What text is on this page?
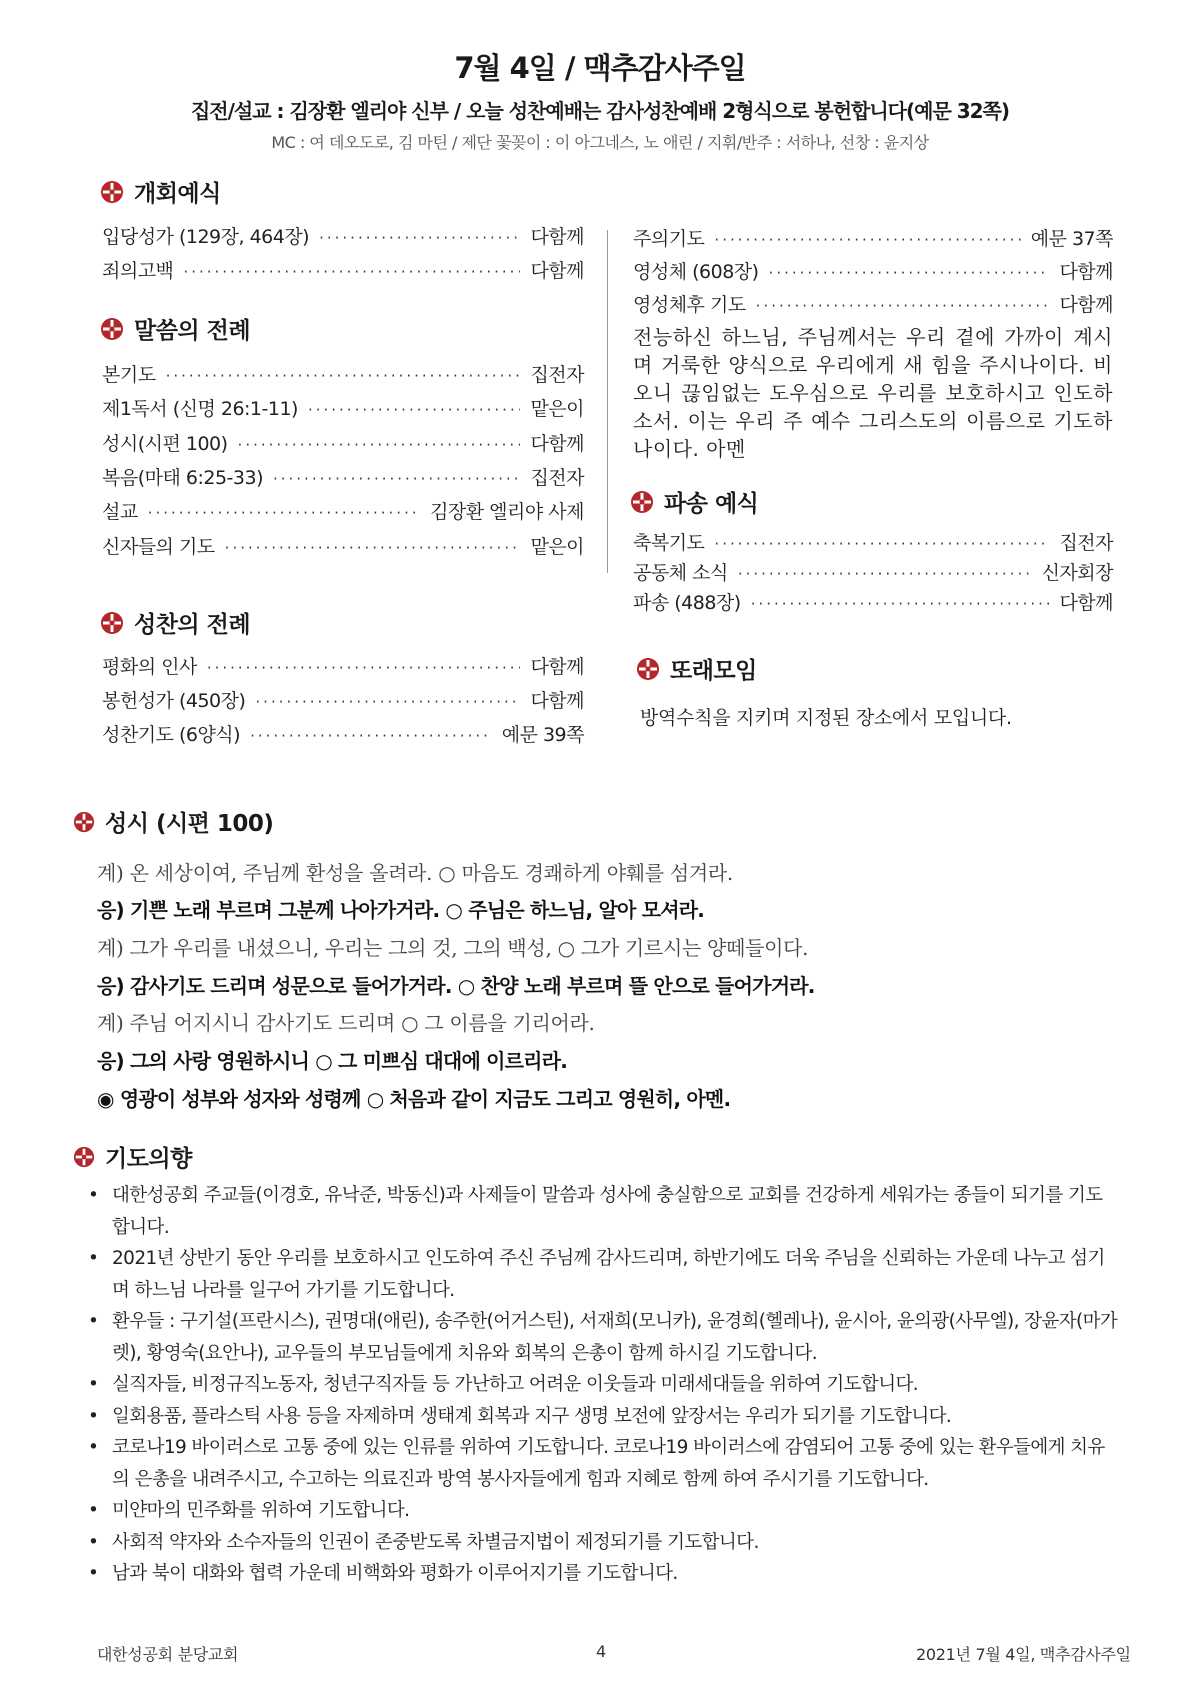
7월 4일 / 맥추감사주일
집전/설교 : 김장환 엘리야 신부 / 오늘 성찬예배는 감사성찬예배 2형식으로 봉헌합니다(예문 32쪽)
MC : 여 데오도로, 김 마틴 / 제단 꽃꽂이 : 이 아그네스, 노 애린 / 지휘/반주 : 서하나, 선창 : 윤지상
개회예식
입당성가 (129장, 464장) ·····	다함께
죄의고백 ·····	다함께
말씀의 전례
본기도 ·····	집전자
제1독서 (신명 26:1-11) ·····	맡은이
성시(시편 100) ·····	다함께
복음(마태 6:25-33) ·····	집전자
설교 ·····	김장환 엘리야 사제
신자들의 기도 ·····	맡은이
성찬의 전례
평화의 인사 ·····	다함께
봉헌성가 (450장) ·····	다함께
성찬기도 (6양식) ·····	예문 39쪽
주의기도 ·····	예문 37쪽
영성체 (608장) ·····	다함께
영성체후 기도 ·····	다함께
전능하신 하느님, 주님께서는 우리 곁에 가까이 계시며 거룩한 양식으로 우리에게 새 힘을 주시나이다. 비오니 끊임없는 도우심으로 우리를 보호하시고 인도하소서. 이는 우리 주 예수 그리스도의 이름으로 기도하나이다. 아멘
파송 예식
축복기도 ·····	집전자
공동체 소식 ·····	신자회장
파송 (488장) ·····	다함께
또래모임
방역수칙을 지키며 지정된 장소에서 모입니다.
성시 (시편 100)
계) 온 세상이여, 주님께 환성을 올려라. ○ 마음도 경쾌하게 야훼를 섬겨라.
응) 기쁜 노래 부르며 그분께 나아가거라. ○ 주님은 하느님, 알아 모셔라.
계) 그가 우리를 내셨으니, 우리는 그의 것, 그의 백성, ○ 그가 기르시는 양떼들이다.
응) 감사기도 드리며 성문으로 들어가거라. ○ 찬양 노래 부르며 뜰 안으로 들어가거라.
계) 주님 어지시니 감사기도 드리며 ○ 그 이름을 기리어라.
응) 그의 사랑 영원하시니 ○ 그 미쁘심 대대에 이르리라.
◉ 영광이 성부와 성자와 성령께 ○ 처음과 같이 지금도 그리고 영원히, 아멘.
기도의향
• 대한성공회 주교들(이경호, 유낙준, 박동신)과 사제들이 말씀과 성사에 충실함으로 교회를 건강하게 세워가는 종들이 되기를 기도합니다.
• 2021년 상반기 동안 우리를 보호하시고 인도하여 주신 주님께 감사드리며, 하반기에도 더욱 주님을 신뢰하는 가운데 나누고 섬기며 하느님 나라를 일구어 가기를 기도합니다.
• 환우들 : 구기설(프란시스), 권명대(애린), 송주한(어거스틴), 서재희(모니카), 윤경희(헬레나), 윤시아, 윤의광(사무엘), 장윤자(마가렛), 황영숙(요안나), 교우들의 부모님들에게 치유와 회복의 은총이 함께 하시길 기도합니다.
• 실직자들, 비정규직노동자, 청년구직자들 등 가난하고 어려운 이웃들과 미래세대들을 위하여 기도합니다.
• 일회용품, 플라스틱 사용 등을 자제하며 생태계 회복과 지구 생명 보전에 앞장서는 우리가 되기를 기도합니다.
• 코로나19 바이러스로 고통 중에 있는 인류를 위하여 기도합니다. 코로나19 바이러스에 감염되어 고통 중에 있는 환우들에게 치유의 은총을 내려주시고, 수고하는 의료진과 방역 봉사자들에게 힘과 지혜로 함께 하여 주시기를 기도합니다.
• 미얀마의 민주화를 위하여 기도합니다.
• 사회적 약자와 소수자들의 인권이 존중받도록 차별금지법이 제정되기를 기도합니다.
• 남과 북이 대화와 협력 가운데 비핵화와 평화가 이루어지기를 기도합니다.
대한성공회 분당교회	4	2021년 7월 4일, 맥추감사주일
